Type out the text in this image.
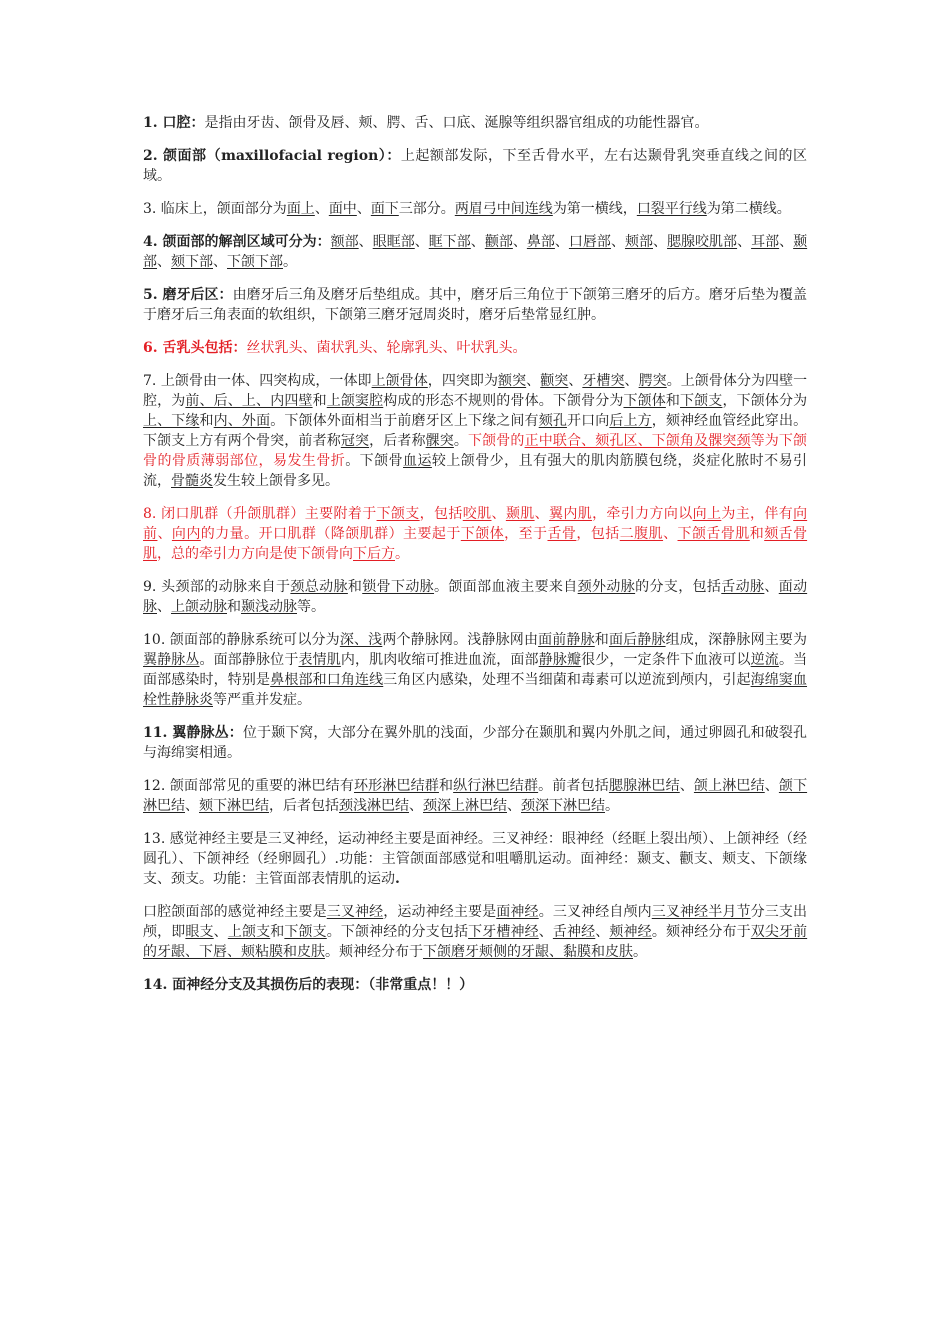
1. 口腔：是指由牙齿、颌骨及唇、颊、腭、舌、口底、涎腺等组织器官组成的功能性器官。

2. 颌面部（maxillofacial region）：上起额部发际，下至舌骨水平，左右达颞骨乳突垂直线之间的区域。

3. 临床上，颌面部分为面上、面中、面下三部分。两眉弓中间连线为第一横线，口裂平行线为第二横线。

4. 颌面部的解剖区域可分为：额部、眼眶部、眶下部、颧部、鼻部、口唇部、颊部、腮腺咬肌部、耳部、颞部、颏下部、下颌下部。

5. 磨牙后区：由磨牙后三角及磨牙后垫组成。其中，磨牙后三角位于下颌第三磨牙的后方。磨牙后垫为覆盖于磨牙后三角表面的软组织，下颌第三磨牙冠周炎时，磨牙后垫常显红肿。

6. 舌乳头包括：丝状乳头、菌状乳头、轮廓乳头、叶状乳头。

7. 上颌骨由一体、四突构成，一体即上颌骨体，四突即为额突、颧突、牙槽突、腭突。上颌骨体分为四壁一腔，为前、后、上、内四壁和上颌窦腔构成的形态不规则的骨体。下颌骨分为下颌体和下颌支，下颌体分为上、下缘和内、外面。下颌体外面相当于前磨牙区上下缘之间有颏孔开口向后上方，颏神经血管经此穿出。下颌支上方有两个骨突，前者称冠突，后者称髁突。下颌骨的正中联合、颏孔区、下颌角及髁突颈等为下颌骨的骨质薄弱部位，易发生骨折。下颌骨血运较上颌骨少，且有强大的肌肉筋膜包绕，炎症化脓时不易引流，骨髓炎发生较上颌骨多见。

8. 闭口肌群（升颌肌群）主要附着于下颌支，包括咬肌、颞肌、翼内肌，牵引力方向以向上为主，伴有向前、向内的力量。开口肌群（降颌肌群）主要起于下颌体，至于舌骨，包括二腹肌、下颌舌骨肌和颏舌骨肌，总的牵引力方向是使下颌骨向下后方。

9. 头颈部的动脉来自于颈总动脉和锁骨下动脉。颌面部血液主要来自颈外动脉的分支，包括舌动脉、面动脉、上颌动脉和颞浅动脉等。

10. 颌面部的静脉系统可以分为深、浅两个静脉网。浅静脉网由面前静脉和面后静脉组成，深静脉网主要为翼静脉丛。面部静脉位于表情肌内，肌肉收缩可推进血流，面部静脉瓣很少，一定条件下血液可以逆流。当面部感染时，特别是鼻根部和口角连线三角区内感染，处理不当细菌和毒素可以逆流到颅内，引起海绵窦血栓性静脉炎等严重并发症。

11. 翼静脉丛：位于颞下窝，大部分在翼外肌的浅面，少部分在颞肌和翼内外肌之间，通过卵圆孔和破裂孔与海绵窦相通。

12. 颌面部常见的重要的淋巴结有环形淋巴结群和纵行淋巴结群。前者包括腮腺淋巴结、颌上淋巴结、颌下淋巴结、颏下淋巴结，后者包括颈浅淋巴结、颈深上淋巴结、颈深下淋巴结。

13. 感觉神经主要是三叉神经，运动神经主要是面神经。三叉神经：眼神经（经眶上裂出颅）、上颌神经（经圆孔）、下颌神经（经卵圆孔）.功能：主管颌面部感觉和咀嚼肌运动。面神经：颞支、颧支、颊支、下颌缘支、颈支。功能：主管面部表情肌的运动.

口腔颌面部的感觉神经主要是三叉神经，运动神经主要是面神经。三叉神经自颅内三叉神经半月节分三支出颅，即眼支、上颌支和下颌支。下颌神经的分支包括下牙槽神经、舌神经、颊神经。颏神经分布于双尖牙前的牙龈、下唇、颊粘膜和皮肤。颊神经分布于下颌磨牙颊侧的牙龈、黏膜和皮肤。

14. 面神经分支及其损伤后的表现：（非常重点！！）
